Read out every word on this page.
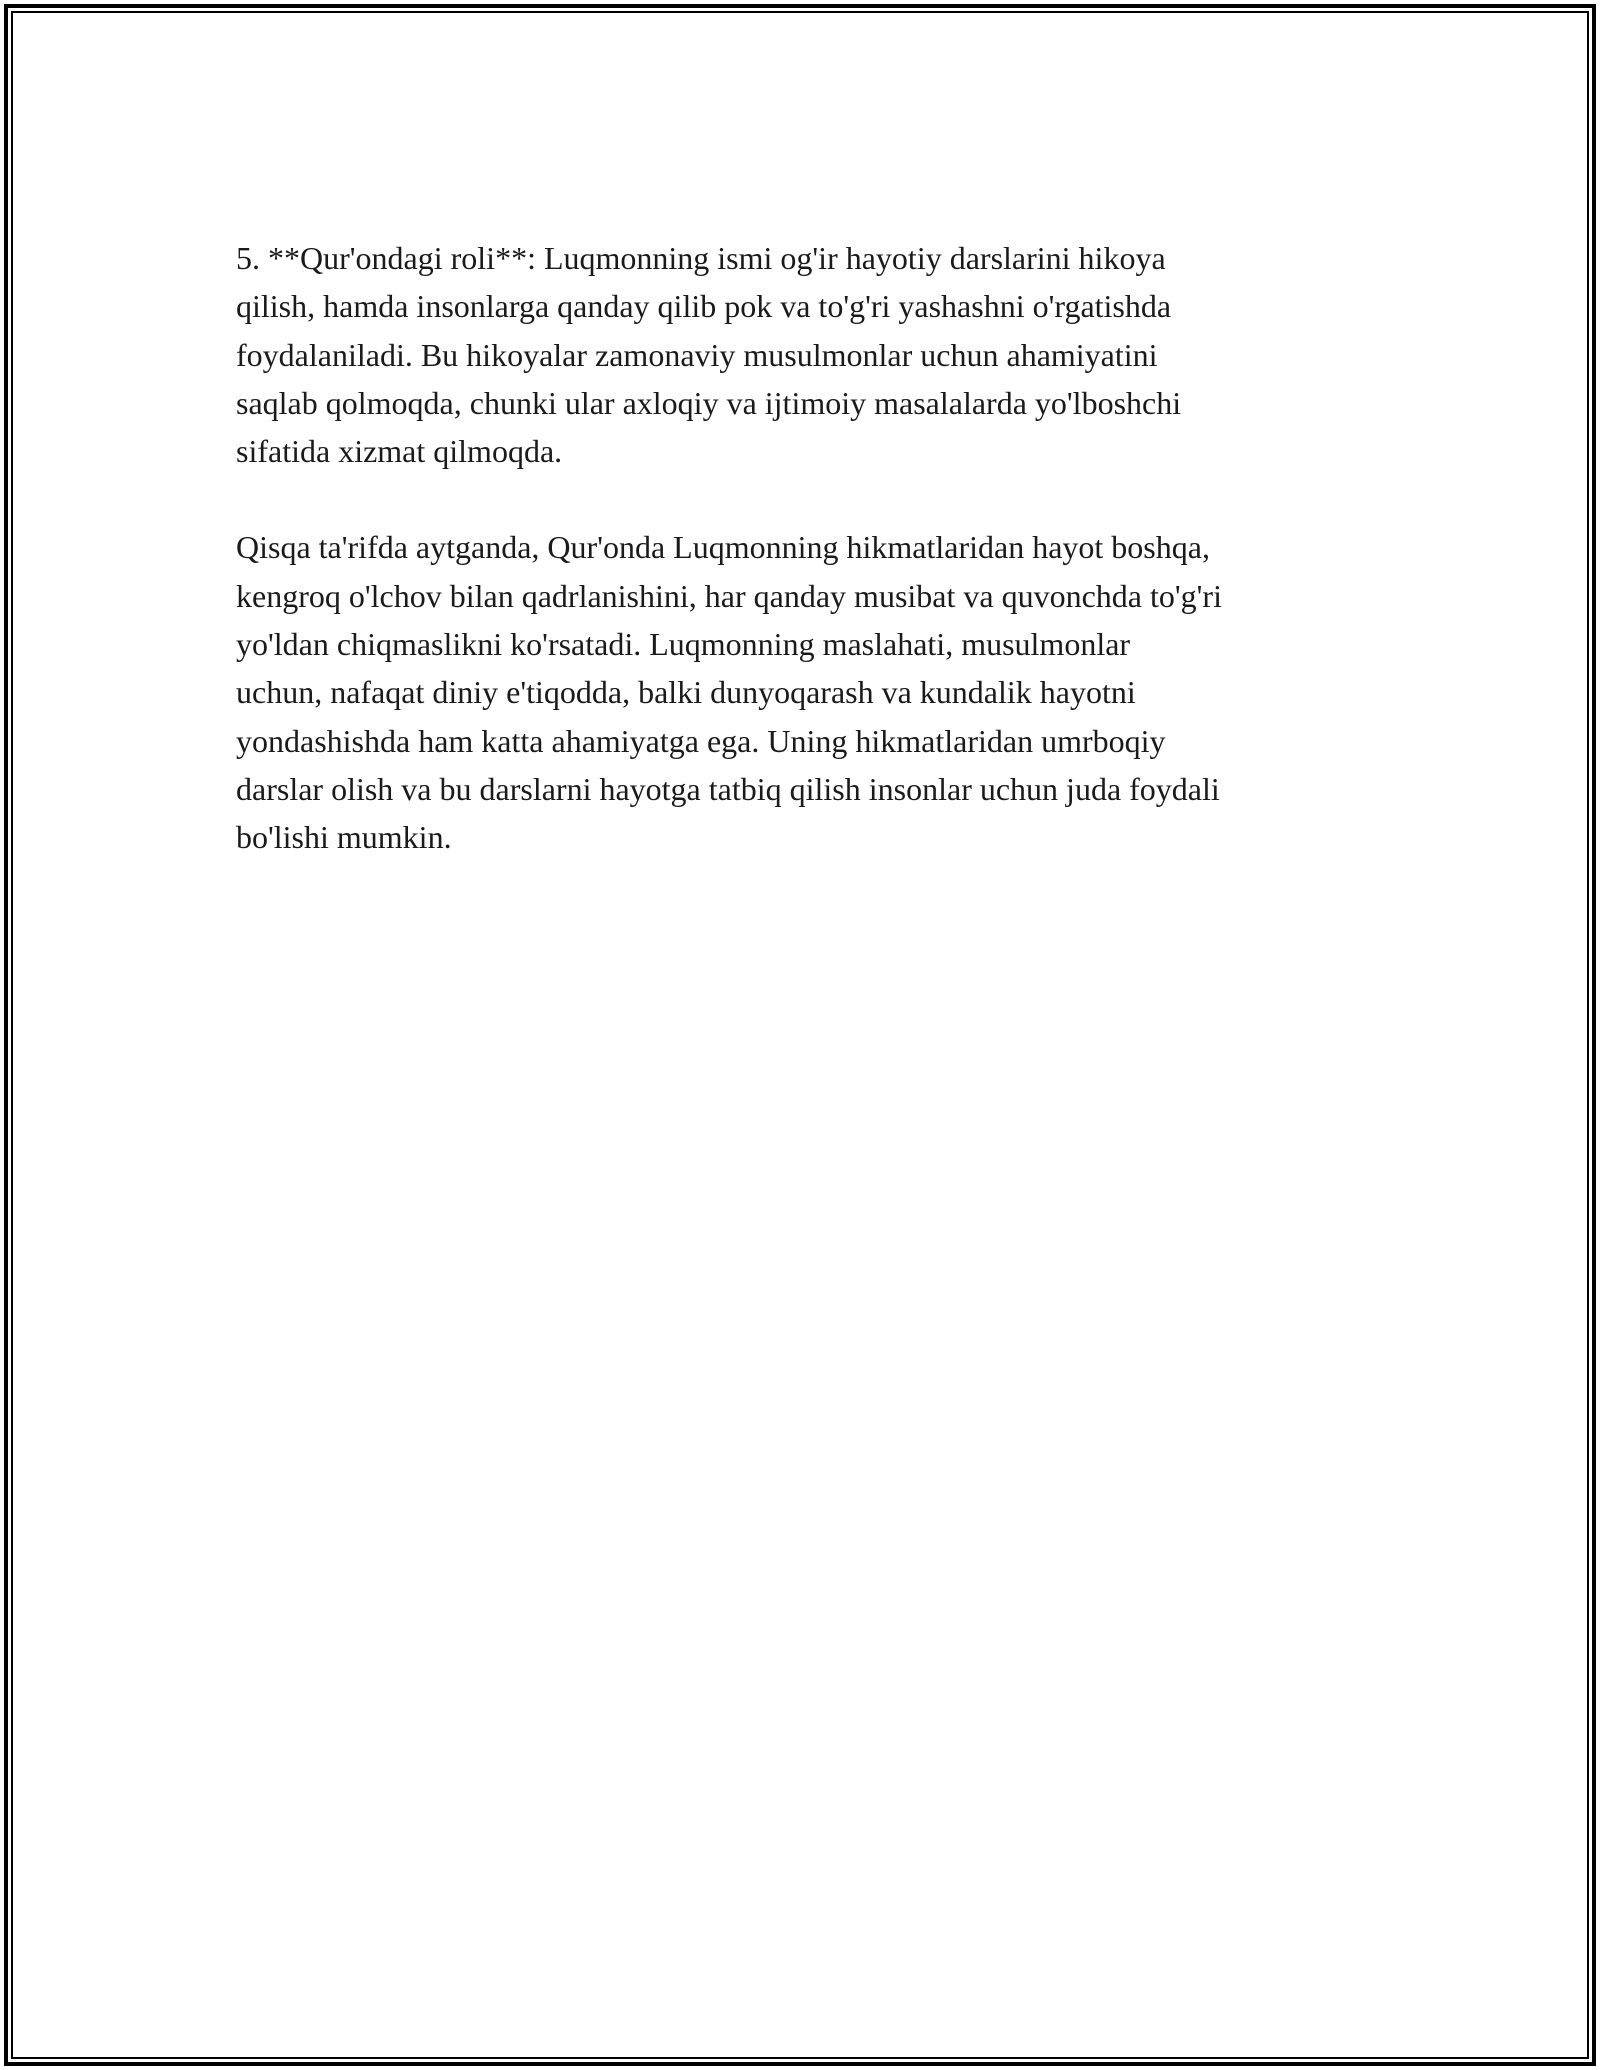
5. **Qur'ondagi roli**: Luqmonning ismi og'ir hayotiy darslarini hikoya
qilish, hamda insonlarga qanday qilib pok va to'g'ri yashashni o'rgatishda
foydalaniladi. Bu hikoyalar zamonaviy musulmonlar uchun ahamiyatini
saqlab qolmoqda, chunki ular axloqiy va ijtimoiy masalalarda yo'lboshchi
sifatida xizmat qilmoqda.

Qisqa ta'rifda aytganda, Qur'onda Luqmonning hikmatlaridan hayot boshqa,
kengroq o'lchov bilan qadrlanishini, har qanday musibat va quvonchda to'g'ri
yo'ldan chiqmaslikni ko'rsatadi. Luqmonning maslahati, musulmonlar
uchun, nafaqat diniy e'tiqodda, balki dunyoqarash va kundalik hayotni
yondashishda ham katta ahamiyatga ega. Uning hikmatlaridan umrboqiy
darslar olish va bu darslarni hayotga tatbiq qilish insonlar uchun juda foydali
bo'lishi mumkin.
